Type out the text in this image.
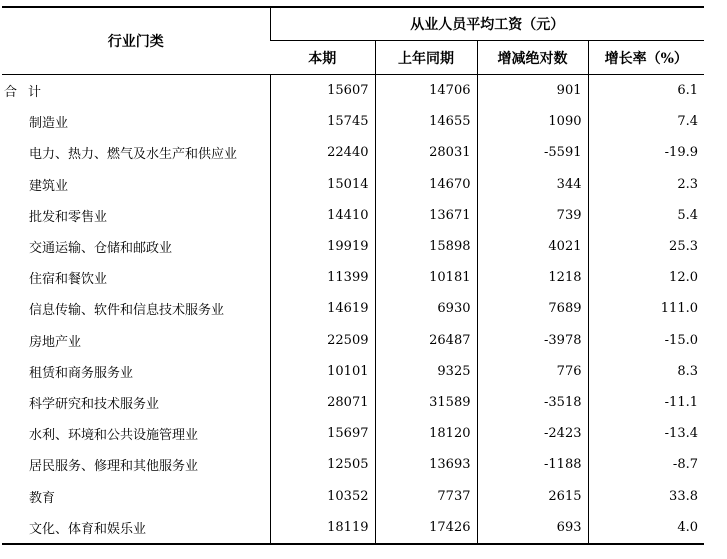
行业门类	从业人员平均工资（元）			
	本期	上年同期	增减绝对数	增长率（%）
合 计	15607	14706	901	6.1
制造业	15745	14655	1090	7.4
电力、热力、燃气及水生产和供应业	22440	28031	-5591	-19.9
建筑业	15014	14670	344	2.3
批发和零售业	14410	13671	739	5.4
交通运输、仓储和邮政业	19919	15898	4021	25.3
住宿和餐饮业	11399	10181	1218	12.0
信息传输、软件和信息技术服务业	14619	6930	7689	111.0
房地产业	22509	26487	-3978	-15.0
租赁和商务服务业	10101	9325	776	8.3
科学研究和技术服务业	28071	31589	-3518	-11.1
水利、环境和公共设施管理业	15697	18120	-2423	-13.4
居民服务、修理和其他服务业	12505	13693	-1188	-8.7
教育	10352	7737	2615	33.8
文化、体育和娱乐业	18119	17426	693	4.0
